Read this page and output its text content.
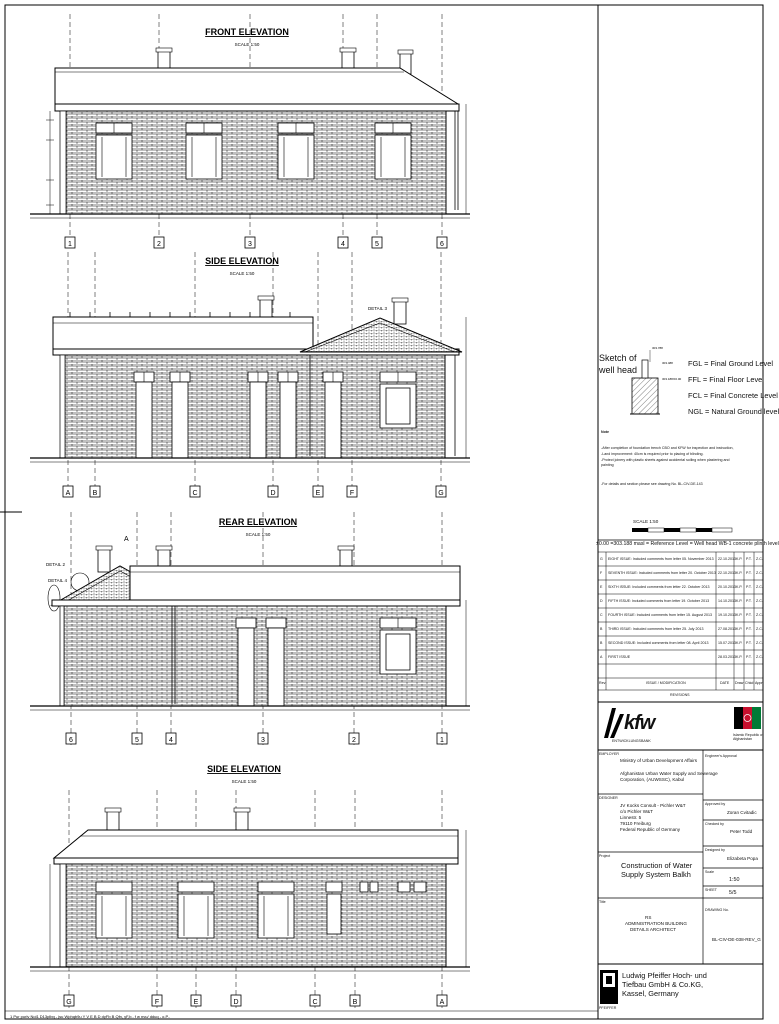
FRONT ELEVATION
SCALE 1:50
1	2	3	4	5	6
SIDE ELEVATION
SCALE 1:50
DETAIL 3
A	B	C	D	E	F	G
REAR ELEVATION
SCALE 1:50
A
DETAIL 2
DETAIL 4
6	5	4	3	2	1
SIDE ELEVATION
SCALE 1:50
G	F	E	D	C	B	A
1 Pur purlv Nol1 D13plbg - jsu Wphqb9u Y V E B D dyFb B Qfn, yF,b.. f w nvu/ dduq - o.P..
303.788
303.488
303.188/±0.00
Sketch of
well head
FGL = Final Ground Level
FFL = Final Floor Level
FCL = Final Concrete Level
NGL = Natural Ground level
Note
-After completion of foundation trench CBO and KFW for inspection and instruction,
-Land improvement: 40cm is required prior to placing of blinding.
-Protect joinery with plastic sheets against accidental soiling when plastering and
painting
-For details and section please see drawing No. BL-CIV-DE-143
SCALE 1:50
±0.00 =303.188 masl = Reference Level = Well head WB-1 concrete plinth level
G EIGHT ISSUE: Included comments from letter 05. November 2013 22.10.2013 K.P. P.T. Z.C.
F SEVENTH ISSUE: Included comments from letter 20. October 2013 22.10.2013 K.P. P.T. Z.C.
E SIXTH ISSUE: Included comments from letter 22. October 2013 20.10.2013 K.P. P.T. Z.C.
D FIFTH ISSUE: Included comments from letter 19. October 2013 14.10.2013 K.P. P.T. Z.C.
C FOURTH ISSUE: Included comments from letter 15. August 2013 19.10.2013 K.P. P.T. Z.C.
B THIRD ISSUE: Included comments from letter 25. July 2013	27.08.2013 K.P. P.T. Z.C.
B SECOND ISSUE: Included comments from letter 08. April 2013	15.07.2013 K.P. P.T. Z.C.
A FIRST ISSUE	28.03.2013 K.P. P.T. Z.C.
Rev.	ISSUE / MODIFICATION	DATE Draw Chkd Appr
REVISIONS
kfw
ENTWICKLUNGSBANK
Islamic Republic of
Afghanistan
EMPLOYER
Ministry of Urban Development Affairs
Afghanistan Urban Water Supply and Sewerage
Corporation, (AUWSSC), Kabul
Engineer's Approval
DESIGNER
JV Kocks Consult - Pichler W&T
c/o Pichler W&T
Linnestr. 5
79110 Freiburg
Federal Republic of Germany
Approved by
Zoran Cvitadic
Checked by
Peter Todd
Project
Construction of Water
Supply System Balkh
Designed by
Elizabeta Popa
Scale
1:50
SHEET 5/5
Title
RS
ADMINISTRATION BUILDING
DETAILS ARCHITECT
DRAWING No.
BL-CIV-DE-038-REV_G
Ludwig Pfeiffer Hoch- und
Tiefbau GmbH & Co.KG,
Kassel, Germany
PFEIFFER
